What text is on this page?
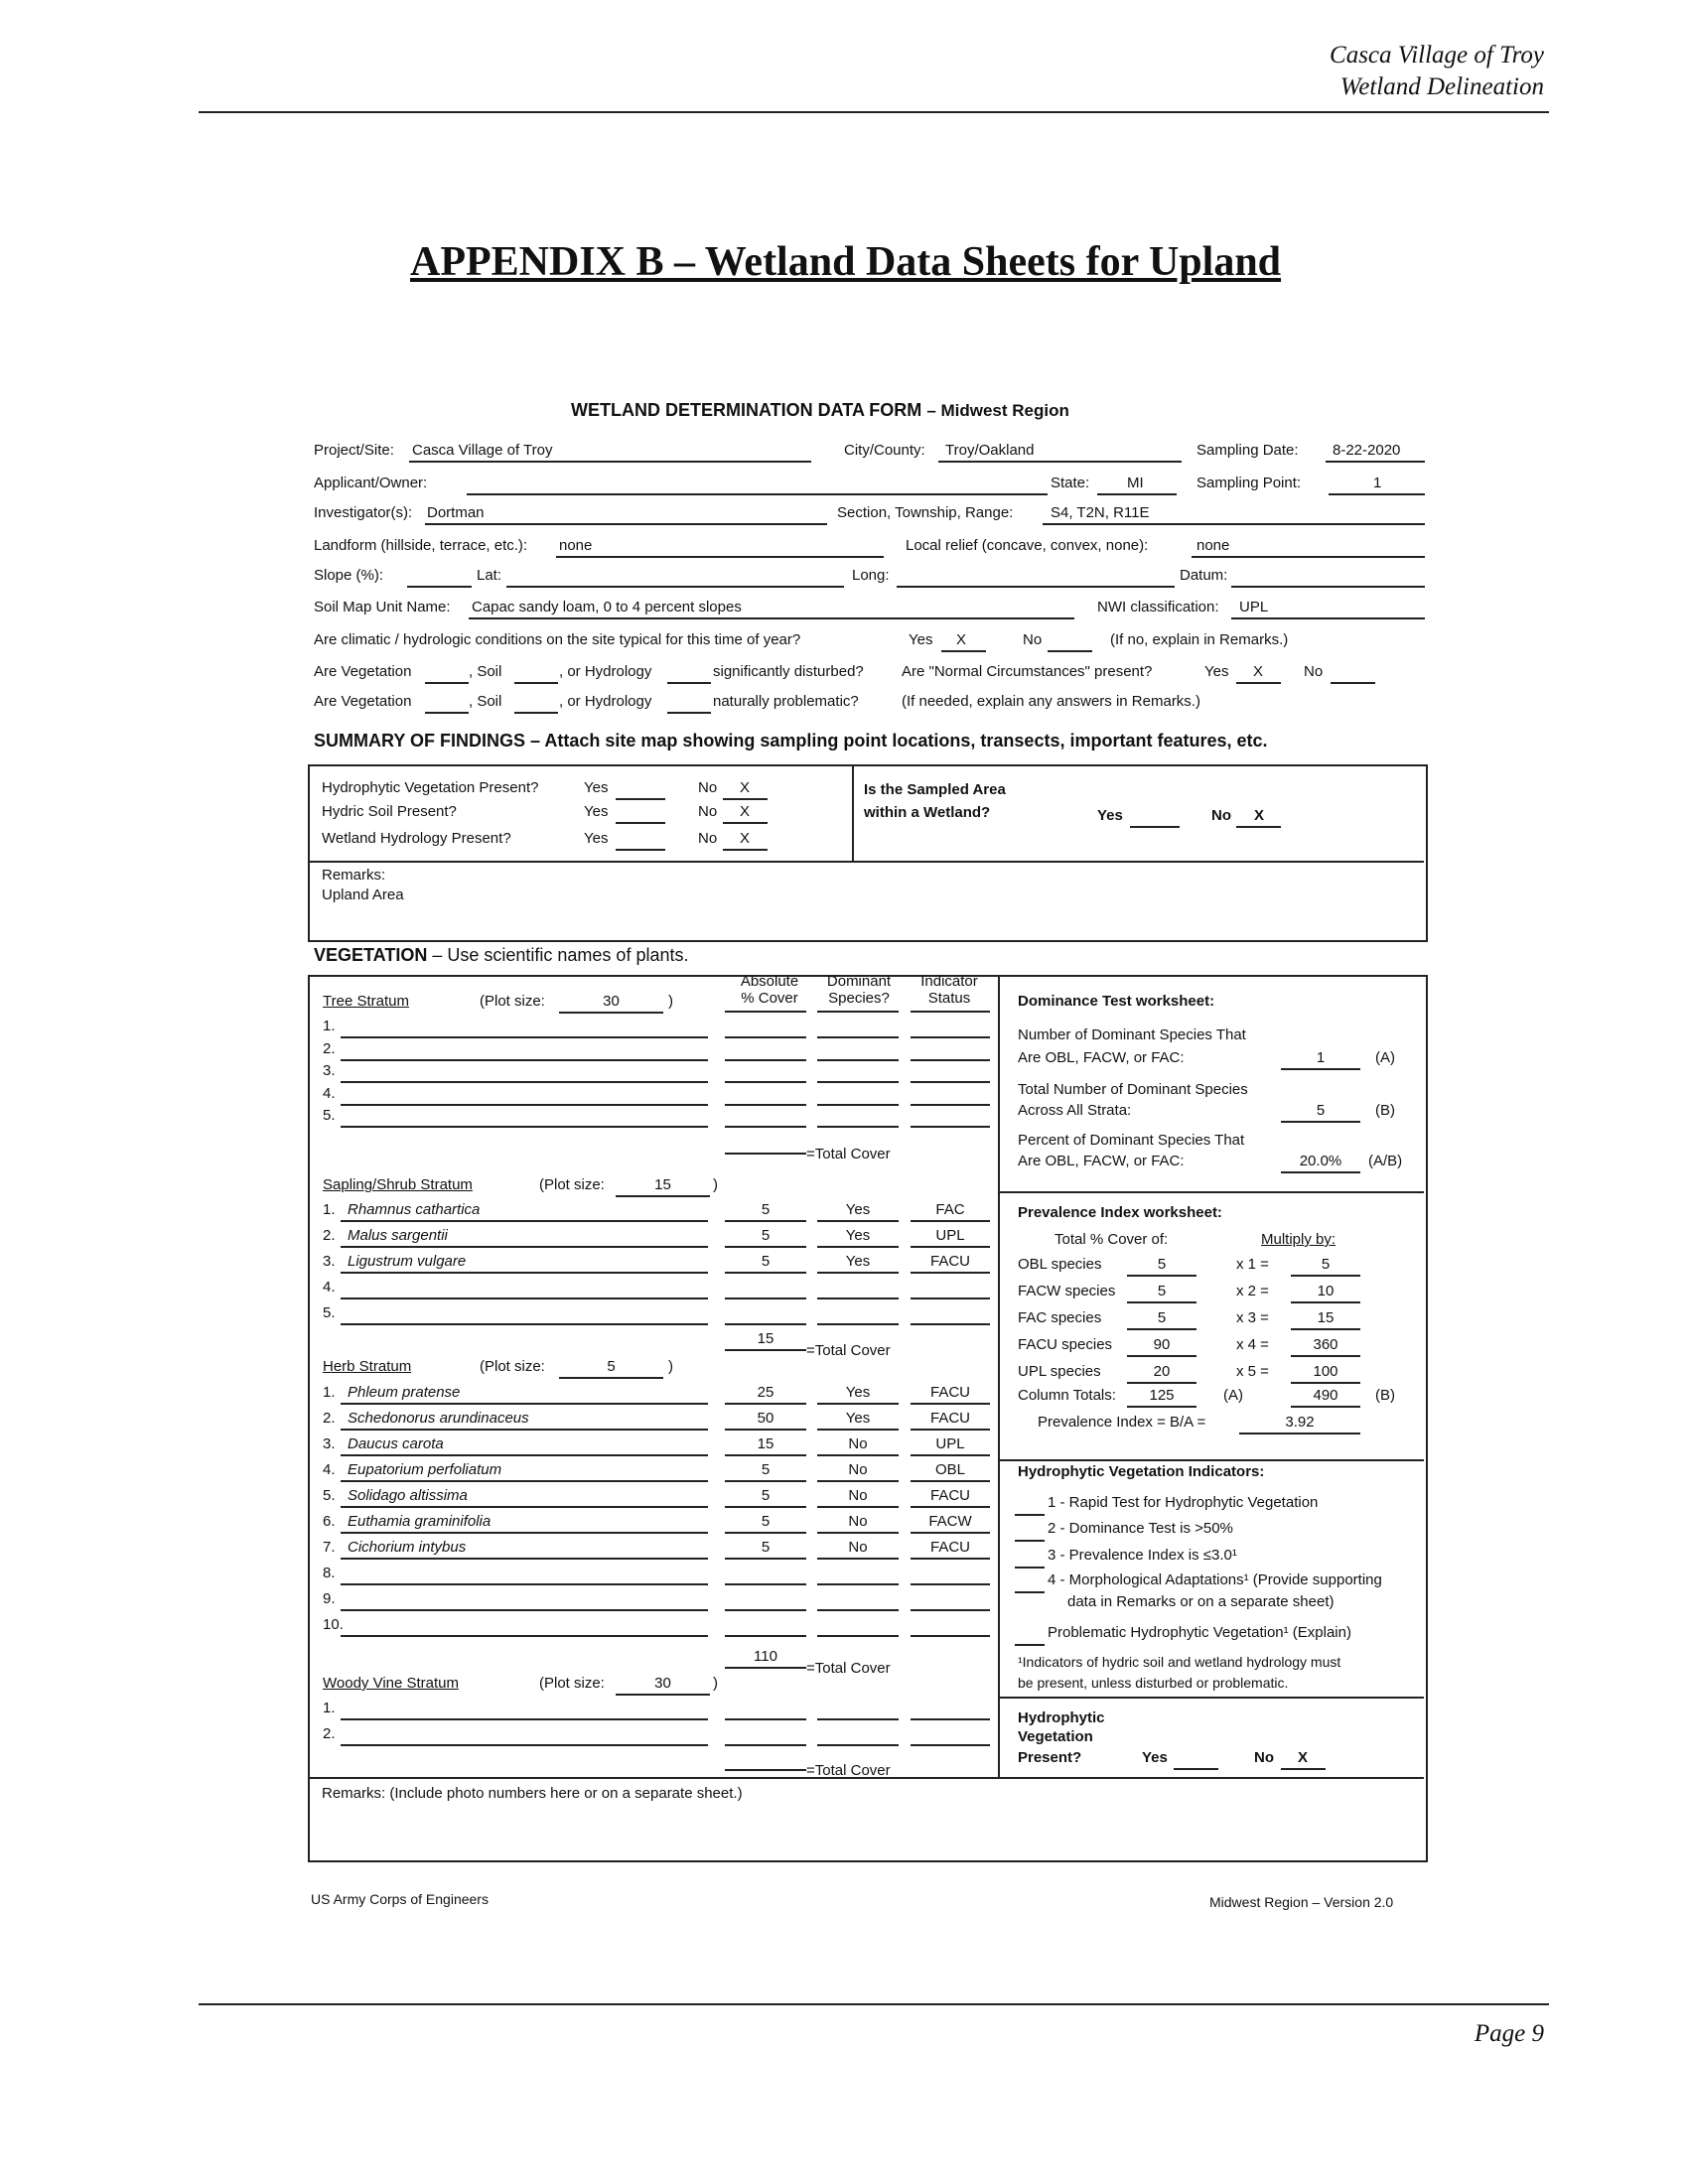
Casca Village of Troy
Wetland Delineation
APPENDIX B – Wetland Data Sheets for Upland
WETLAND DETERMINATION DATA FORM – Midwest Region
Project/Site: Casca Village of Troy	City/County: Troy/Oakland	Sampling Date: 8-22-2020
Applicant/Owner:	State:	MI	Sampling Point:	1
Investigator(s): Dortman	Section, Township, Range:	S4, T2N, R11E
Landform (hillside, terrace, etc.): none	Local relief (concave, convex, none):	none
Slope (%):	Lat:	Long:	Datum:
Soil Map Unit Name: Capac sandy loam, 0 to 4 percent slopes	NWI classification: UPL
Are climatic / hydrologic conditions on the site typical for this time of year?	Yes X	No	(If no, explain in Remarks.)
Are Vegetation	, Soil	, or Hydrology	significantly disturbed?	Are "Normal Circumstances" present?	Yes X	No
Are Vegetation	, Soil	, or Hydrology	naturally problematic?	(If needed, explain any answers in Remarks.)
SUMMARY OF FINDINGS – Attach site map showing sampling point locations, transects, important features, etc.
Hydrophytic Vegetation Present?	Yes	No X
Hydric Soil Present?	Yes	No X
Wetland Hydrology Present?	Yes	No X
Is the Sampled Area
within a Wetland?	Yes	No X
Remarks:
Upland Area
VEGETATION – Use scientific names of plants.
Absolute
% Cover
Dominant
Species?
Indicator
Status
Tree Stratum	(Plot size:	30	)
1.
2.
3.
4.
5.
=Total Cover
Sapling/Shrub Stratum	(Plot size:	15	)
1. Rhamnus cathartica	5	Yes	FAC
2. Malus sargentii	5	Yes	UPL
3. Ligustrum vulgare	5	Yes	FACU
4.
5.
15
=Total Cover
Herb Stratum	(Plot size:	5	)
1. Phleum pratense	25	Yes	FACU
2. Schedonorus arundinaceus	50	Yes	FACU
3. Daucus carota	15	No	UPL
4. Eupatorium perfoliatum	5	No	OBL
5. Solidago altissima	5	No	FACU
6. Euthamia graminifolia	5	No	FACW
7. Cichorium intybus	5	No	FACU
8.
9.
10.
110
=Total Cover
Woody Vine Stratum	(Plot size:	30	)
1.
2.
=Total Cover
Remarks: (Include photo numbers here or on a separate sheet.)
Dominance Test worksheet:
Number of Dominant Species That
Are OBL, FACW, or FAC:	1	(A)
Total Number of Dominant Species
Across All Strata:	5	(B)
Percent of Dominant Species That
Are OBL, FACW, or FAC:	20.0%	(A/B)
Prevalence Index worksheet:
Total % Cover of:	Multiply by:
OBL species	5	x 1 =	5
FACW species	5	x 2 =	10
FAC species	5	x 3 =	15
FACU species	90	x 4 =	360
UPL species	20	x 5 =	100
Column Totals:	125	(A)	490	(B)
Prevalence Index = B/A =	3.92
Hydrophytic Vegetation Indicators:
1 - Rapid Test for Hydrophytic Vegetation
2 - Dominance Test is >50%
3 - Prevalence Index is ≤3.0¹
4 - Morphological Adaptations¹ (Provide supporting
data in Remarks or on a separate sheet)
Problematic Hydrophytic Vegetation¹ (Explain)
¹Indicators of hydric soil and wetland hydrology must
be present, unless disturbed or problematic.
Hydrophytic
Vegetation
Present?	Yes	No X
US Army Corps of Engineers	Midwest Region – Version 2.0
Page 9
